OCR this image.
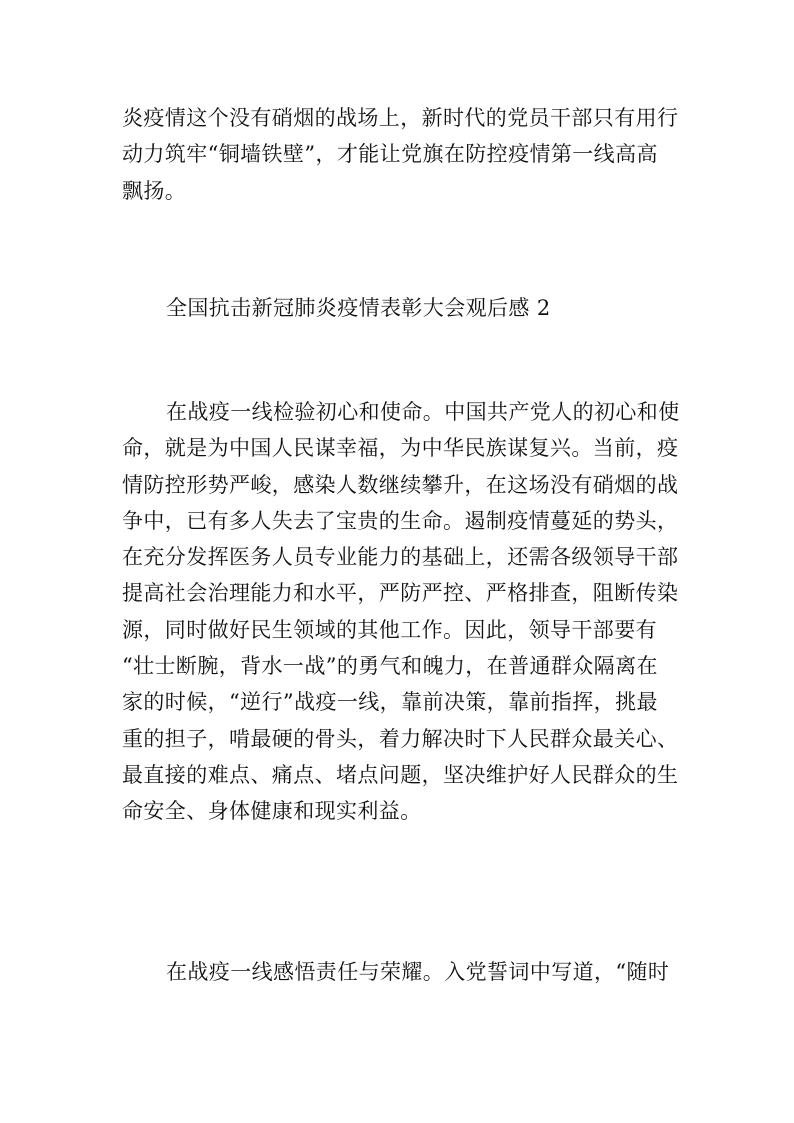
炎疫情这个没有硝烟的战场上，新时代的党员干部只有用行
动力筑牢“铜墙铁壁”，才能让党旗在防控疫情第一线高高
飘扬。
全国抗击新冠肺炎疫情表彰大会观后感 2
在战疫一线检验初心和使命。中国共产党人的初心和使
命，就是为中国人民谋幸福，为中华民族谋复兴。当前，疫
情防控形势严峻，感染人数继续攀升，在这场没有硝烟的战
争中，已有多人失去了宝贵的生命。遏制疫情蔓延的势头，
在充分发挥医务人员专业能力的基础上，还需各级领导干部
提高社会治理能力和水平，严防严控、严格排查，阻断传染
源，同时做好民生领域的其他工作。因此，领导干部要有
“壮士断腕，背水一战”的勇气和魄力，在普通群众隔离在
家的时候，“逆行”战疫一线，靠前决策，靠前指挥，挑最
重的担子，啃最硬的骨头，着力解决时下人民群众最关心、
最直接的难点、痛点、堵点问题，坚决维护好人民群众的生
命安全、身体健康和现实利益。
在战疫一线感悟责任与荣耀。入党誓词中写道，“随时
